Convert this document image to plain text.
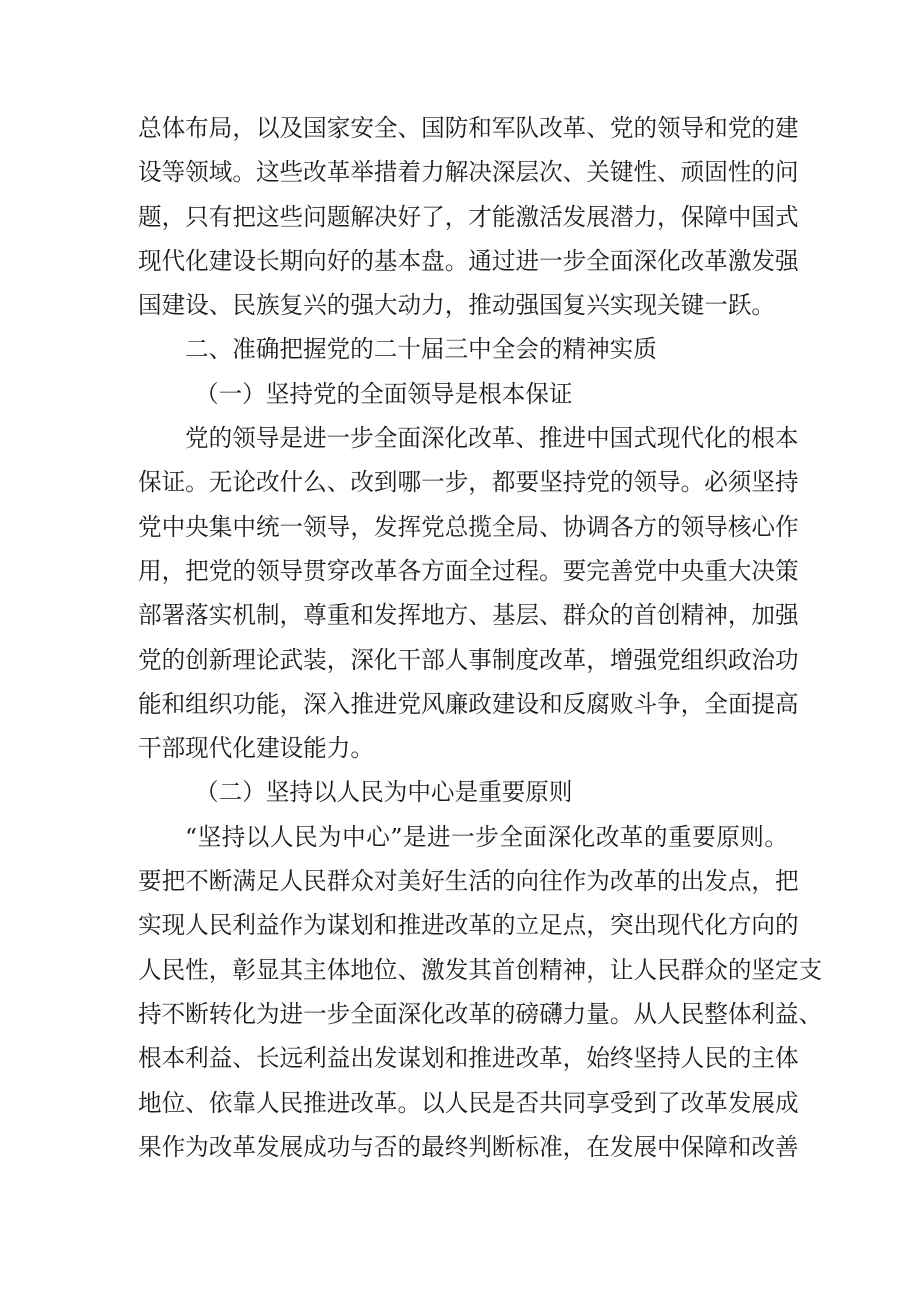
总体布局，以及国家安全、国防和军队改革、党的领导和党的建
设等领域。这些改革举措着力解决深层次、关键性、顽固性的问
题，只有把这些问题解决好了，才能激活发展潜力，保障中国式
现代化建设长期向好的基本盘。通过进一步全面深化改革激发强
国建设、民族复兴的强大动力，推动强国复兴实现关键一跃。
二、准确把握党的二十届三中全会的精神实质
（一）坚持党的全面领导是根本保证
党的领导是进一步全面深化改革、推进中国式现代化的根本
保证。无论改什么、改到哪一步，都要坚持党的领导。必须坚持
党中央集中统一领导，发挥党总揽全局、协调各方的领导核心作
用，把党的领导贯穿改革各方面全过程。要完善党中央重大决策
部署落实机制，尊重和发挥地方、基层、群众的首创精神，加强
党的创新理论武装，深化干部人事制度改革，增强党组织政治功
能和组织功能，深入推进党风廉政建设和反腐败斗争，全面提高
干部现代化建设能力。
（二）坚持以人民为中心是重要原则
“坚持以人民为中心”是进一步全面深化改革的重要原则。
要把不断满足人民群众对美好生活的向往作为改革的出发点，把
实现人民利益作为谋划和推进改革的立足点，突出现代化方向的
人民性，彰显其主体地位、激发其首创精神，让人民群众的坚定支
持不断转化为进一步全面深化改革的磅礴力量。从人民整体利益、
根本利益、长远利益出发谋划和推进改革，始终坚持人民的主体
地位、依靠人民推进改革。以人民是否共同享受到了改革发展成
果作为改革发展成功与否的最终判断标准，在发展中保障和改善
